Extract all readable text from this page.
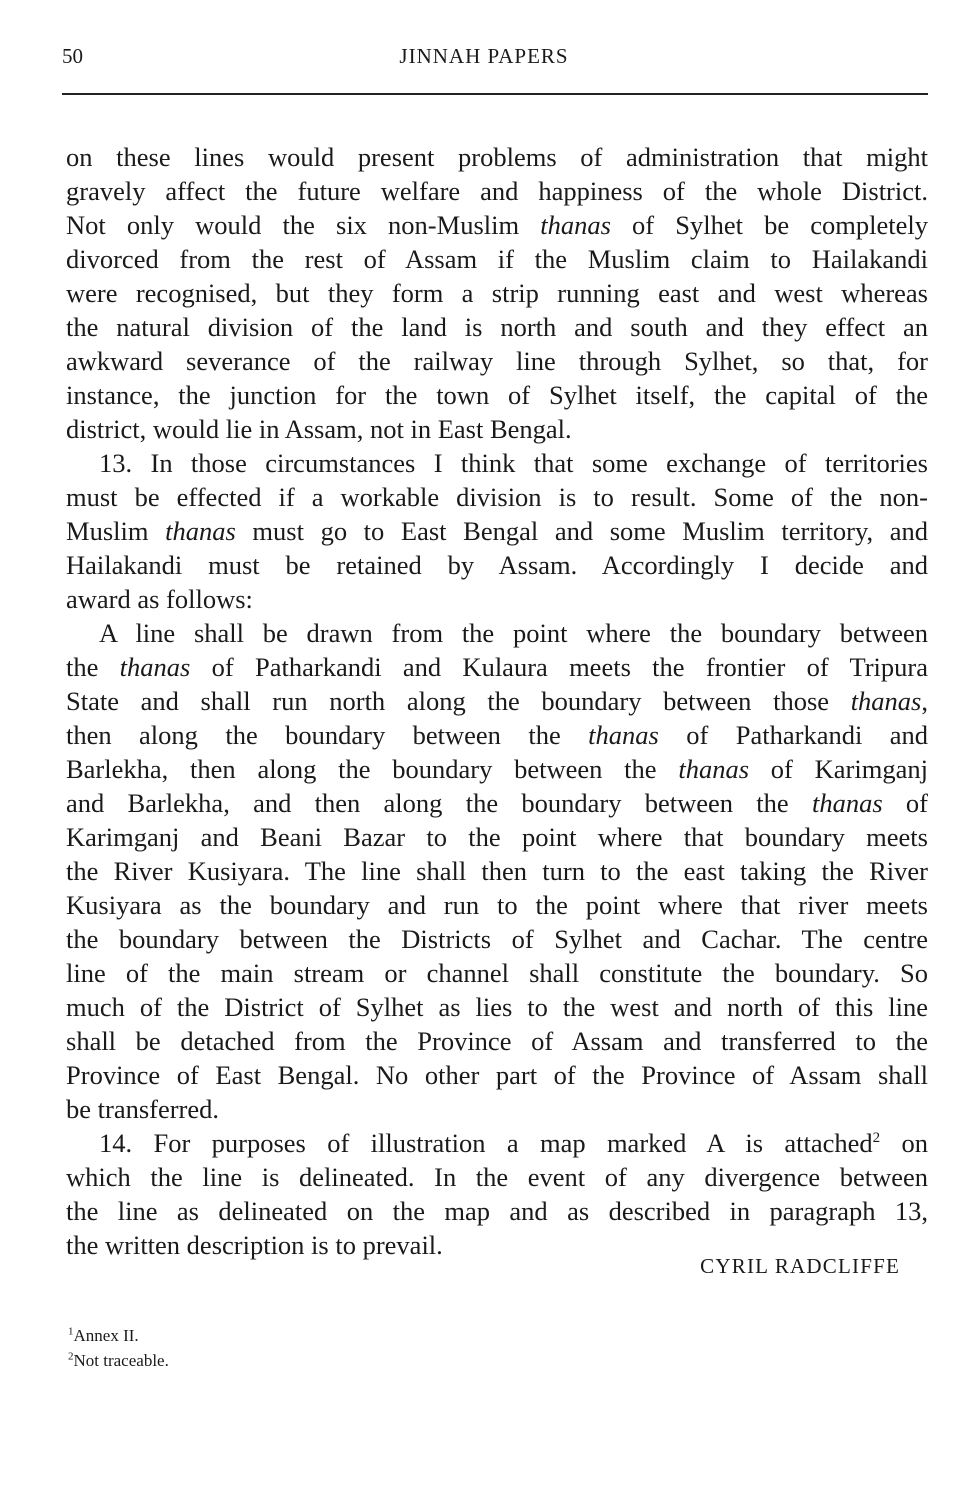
50	JINNAH PAPERS
on these lines would present problems of administration that might
gravely affect the future welfare and happiness of the whole District.
Not only would the six non-Muslim thanas of Sylhet be completely
divorced from the rest of Assam if the Muslim claim to Hailakandi
were recognised, but they form a strip running east and west whereas
the natural division of the land is north and south and they effect an
awkward severance of the railway line through Sylhet, so that, for
instance, the junction for the town of Sylhet itself, the capital of the
district, would lie in Assam, not in East Bengal.
13. In those circumstances I think that some exchange of territories
must be effected if a workable division is to result. Some of the non-
Muslim thanas must go to East Bengal and some Muslim territory, and
Hailakandi must be retained by Assam. Accordingly I decide and
award as follows:
A line shall be drawn from the point where the boundary between
the thanas of Patharkandi and Kulaura meets the frontier of Tripura
State and shall run north along the boundary between those thanas,
then along the boundary between the thanas of Patharkandi and
Barlekha, then along the boundary between the thanas of Karimganj
and Barlekha, and then along the boundary between the thanas of
Karimganj and Beani Bazar to the point where that boundary meets
the River Kusiyara. The line shall then turn to the east taking the River
Kusiyara as the boundary and run to the point where that river meets
the boundary between the Districts of Sylhet and Cachar. The centre
line of the main stream or channel shall constitute the boundary. So
much of the District of Sylhet as lies to the west and north of this line
shall be detached from the Province of Assam and transferred to the
Province of East Bengal. No other part of the Province of Assam shall
be transferred.
14. For purposes of illustration a map marked A is attached$^2$ on
which the line is delineated. In the event of any divergence between
the line as delineated on the map and as described in paragraph 13,
the written description is to prevail.
CYRIL RADCLIFFE
$^1$Annex II.
$^2$Not traceable.
